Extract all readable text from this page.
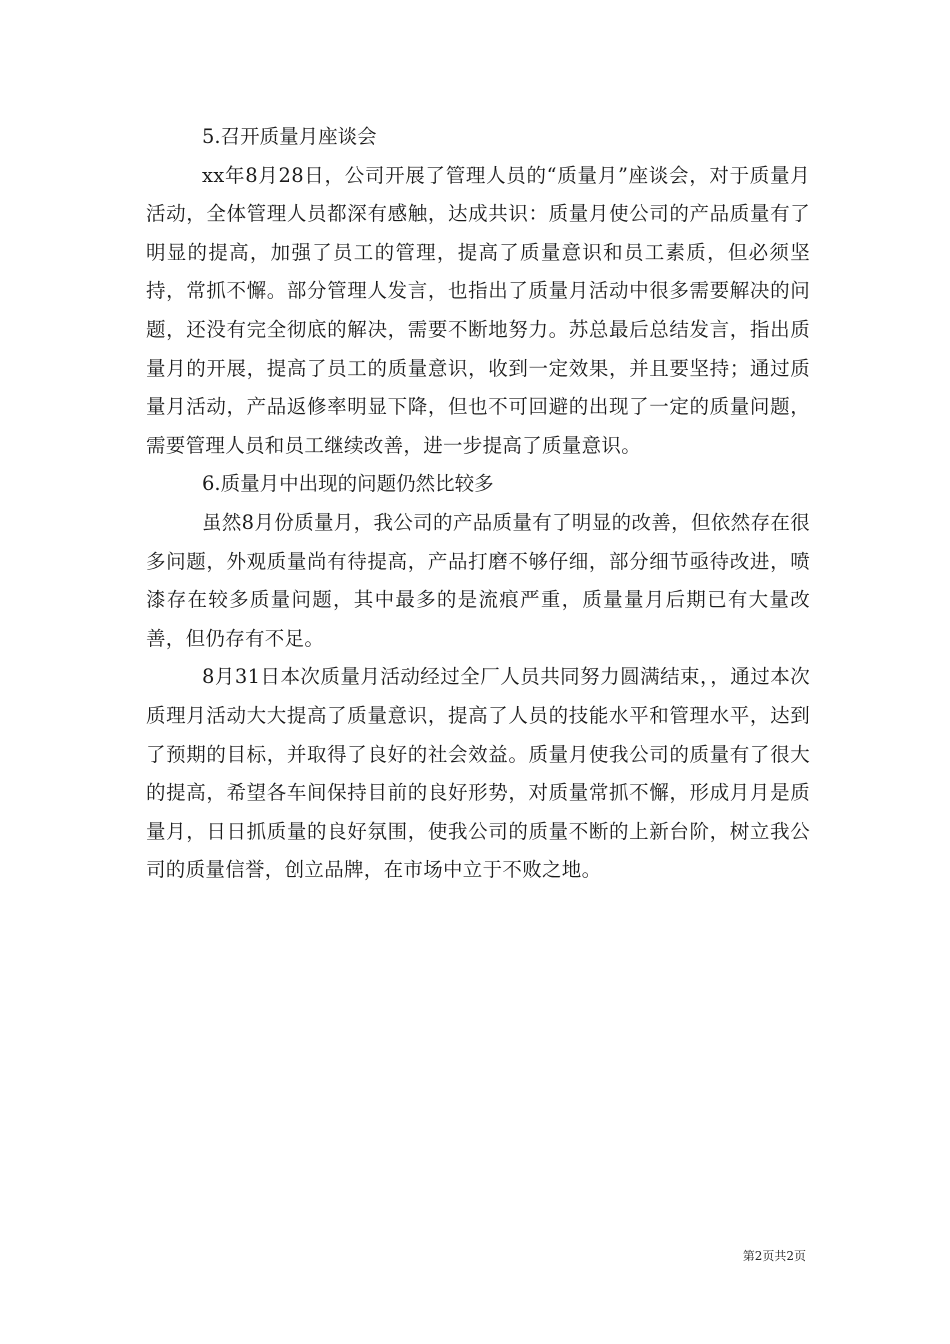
5.召开质量月座谈会

xx年8月28日，公司开展了管理人员的“质量月”座谈会，对于质量月活动，全体管理人员都深有感触，达成共识：质量月使公司的产品质量有了明显的提高，加强了员工的管理，提高了质量意识和员工素质，但必须坚持，常抓不懈。部分管理人发言，也指出了质量月活动中很多需要解决的问题，还没有完全彻底的解决，需要不断地努力。苏总最后总结发言，指出质量月的开展，提高了员工的质量意识，收到一定效果，并且要坚持；通过质量月活动，产品返修率明显下降，但也不可回避的出现了一定的质量问题，需要管理人员和员工继续改善，进一步提高了质量意识。

6.质量月中出现的问题仍然比较多

虽然8月份质量月，我公司的产品质量有了明显的改善，但依然存在很多问题，外观质量尚有待提高，产品打磨不够仔细，部分细节亟待改进，喷漆存在较多质量问题，其中最多的是流痕严重，质量量月后期已有大量改善，但仍存有不足。

8月31日本次质量月活动经过全厂人员共同努力圆满结束，，通过本次质理月活动大大提高了质量意识，提高了人员的技能水平和管理水平，达到了预期的目标，并取得了良好的社会效益。质量月使我公司的质量有了很大的提高，希望各车间保持目前的良好形势，对质量常抓不懈，形成月月是质量月，日日抓质量的良好氛围，使我公司的质量不断的上新台阶，树立我公司的质量信誉，创立品牌，在市场中立于不败之地。

第2页共2页
